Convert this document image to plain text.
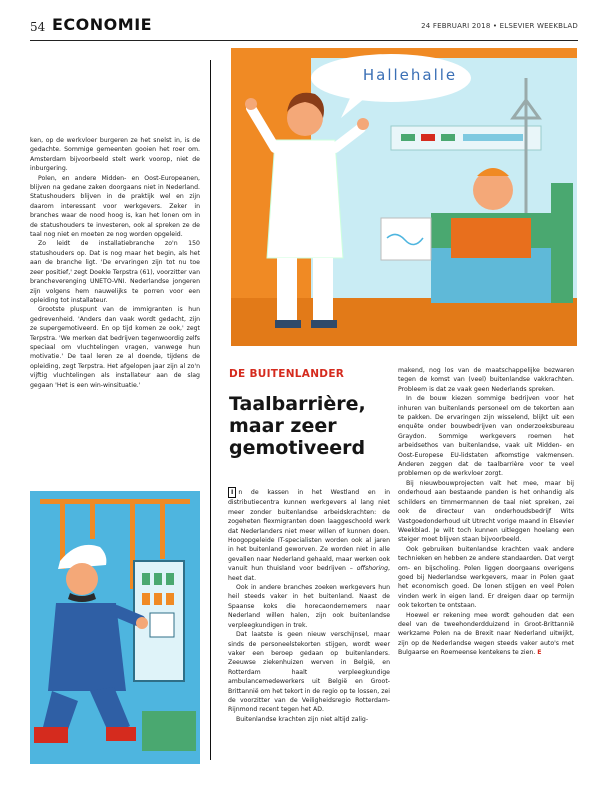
54 ECONOMIE	24 FEBRUARI 2018 • ELSEVIER WEEKBLAD
Hallehalle

ken, op de werkvloer burgeren ze het snelst in, is de gedachte. Sommige gemeenten gooien het roer om. Amsterdam bijvoorbeeld stelt werk voorop, niet de inburgering.

Polen, en andere Midden- en Oost-Europeanen, blijven na gedane zaken doorgaans niet in Nederland. Statushouders blijven in de praktijk wel en zijn daarom interessant voor werkgevers. Zeker in branches waar de nood hoog is, kan het lonen om in de statushouders te investeren, ook al spreken ze de taal nog niet en moeten ze nog worden opgeleid.

Zo leidt de installatiebranche zo'n 150 statushouders op. Dat is nog maar het begin, als het aan de branche ligt. 'De ervaringen zijn tot nu toe zeer positief,' zegt Doekle Terpstra (61), voorzitter van brancheverenging UNETO-VNI. Nederlandse jongeren zijn volgens hem nauwelijks te porren voor een opleiding tot installateur.

Grootste pluspunt van de immigranten is hun gedrevenheid. 'Anders dan vaak wordt gedacht, zijn ze supergemotiveerd. En op tijd komen ze ook,' zegt Terpstra. 'We merken dat bedrijven tegenwoordig zelfs speciaal om vluchtelingen vragen, vanwege hun motivatie.' De taal leren ze al doende, tijdens de opleiding, zegt Terpstra. Het afgelopen jaar zijn al zo'n vijftig vluchtelingen als installateur aan de slag gegaan 'Het is een win-winsituatie.'

DE BUITENLANDER
Taalbarrière, maar zeer gemotiveerd

I n de kassen in het Westland en in distributiecentra kunnen werkgevers al lang niet meer zonder buitenlandse arbeidskrachten: de zogeheten flexmigranten doen laaggeschoold werk dat Nederlanders niet meer willen of kunnen doen. Hoogopgeleide IT-specialisten worden ook al jaren in het buitenland geworven. Ze worden niet in alle gevallen naar Nederland gehaald, maar werken ook vanuit hun thuisland voor bedrijven – offshoring, heet dat.

Ook in andere branches zoeken werkgevers hun heil steeds vaker in het buitenland. Naast de Spaanse koks die horecaondernemers naar Nederland willen halen, zijn ook buitenlandse verpleegkundigen in trek.

Dat laatste is geen nieuw verschijnsel, maar sinds de personeelstekorten stijgen, wordt weer vaker een beroep gedaan op buitenlanders. Zeeuwse ziekenhuizen werven in België, en Rotterdam haalt verpleegkundige ambulancemedewerkers uit België en Groot-Brittannië om het tekort in de regio op te lossen, zei de voorzitter van de Veiligheidsregio Rotterdam-Rijnmond recent tegen het AD.

Buitenlandse krachten zijn niet altijd zalig-

makend, nog los van de maatschappelijke bezwaren tegen de komst van (veel) buitenlandse vakkrachten. Probleem is dat ze vaak geen Nederlands spreken.

In de bouw kiezen sommige bedrijven voor het inhuren van buitenlands personeel om de tekorten aan te pakken. De ervaringen zijn wisselend, blijkt uit een enquête onder bouwbedrijven van onderzoeksbureau Graydon. Sommige werkgevers roemen het arbeidsethos van buitenlandse, vaak uit Midden- en Oost-Europese EU-lidstaten afkomstige vakmensen. Anderen zeggen dat de taalbarrière voor te veel problemen op de werkvloer zorgt.

Bij nieuwbouwprojecten valt het mee, maar bij onderhoud aan bestaande panden is het onhandig als schilders en timmermannen de taal niet spreken, zei ook de directeur van onderhoudsbedrijf Wits Vastgoedonderhoud uit Utrecht vorige maand in Elsevier Weekblad. Je wilt toch kunnen uitleggen hoelang een steiger moet blijven staan bijvoorbeeld.

Ook gebruiken buitenlandse krachten vaak andere technieken en hebben ze andere standaarden. Dat vergt om- en bijscholing. Polen liggen doorgaans overigens goed bij Nederlandse werkgevers, maar in Polen gaat het economisch goed. De lonen stijgen en veel Polen vinden werk in eigen land. Er dreigen daar op termijn ook tekorten te ontstaan.

Hoewel er rekening mee wordt gehouden dat een deel van de tweehonderdduizend in Groot-Brittannië werkzame Polen na de Brexit naar Nederland uitwijkt, zijn op de Nederlandse wegen steeds vaker auto's met Bulgaarse en Roemeense kentekens te zien. E
